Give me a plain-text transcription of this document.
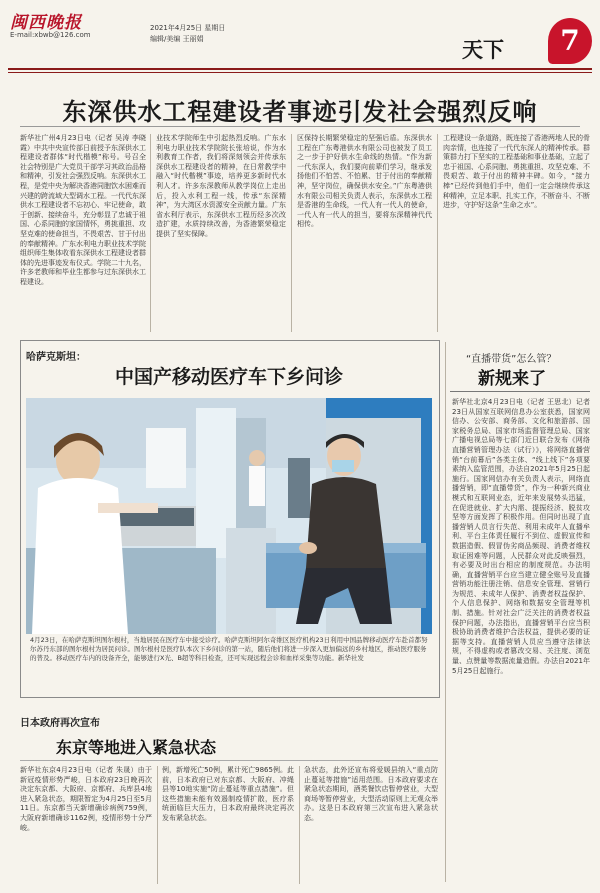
闽西晚报
E-mail:xbwb@126.com
2021年4月25日 星期日
编辑/美编 王丽娟	天下	7
东深供水工程建设者事迹引发社会强烈反响
新华社广州4月23日电（记者 吴涛 李晓霞）中共中央宣传部日前授予东深供水工程建设者群体“时代楷模”称号。号召全社会特别是广大党员干部学习其政治品格和精神，引发社会强烈反响。东深供水工程，是党中央为解决香港同胞饮水困难而兴建的跨流域大型调水工程。一代代东深供水工程建设者不忘初心、牢记使命，敢于创新、接续奋斗，充分彰显了忠诚于祖国、心系同胞的家国情怀，勇挑重担、攻坚克难的使命担当，不畏艰苦、甘于付出的奉献精神。广东水利电力职业技术学院组织师生集体收看东深供水工程建设者群体的先进事迹发布仪式。学院二十九名，许多老教师和毕业生都参与过东深供水工程建设。
业技术学院师生中引起热烈反响。广东水利电力职业技术学院院长张培说，作为水利教育工作者，我们将深刻领会并传承东深供水工程建设者的精神，在日常教学中融入“时代楷模”事迹，培养更多新时代水利人才。许多东深教师从教学岗位上走出后，投入水利工程一线，传承“东深精神”，为大湾区水资源安全贡献力量。广东省水利厅表示，东深供水工程历经多次改造扩建，水质持续改善，为香港繁荣稳定提供了坚实保障。
区保持长期繁荣稳定的坚强后盾。东深供水工程在广东粤港供水有限公司也被发了员工之一步于护好供水生命线的热情。“作为新一代东深人，我们要向前辈们学习，继承发扬他们不怕苦、不怕累、甘于付出的奉献精神，坚守岗位，确保供水安全。”广东粤港供水有限公司相关负责人表示，东深供水工程是香港的生命线，一代人有一代人的使命，一代人有一代人的担当，要将东深精神代代相传。
工程建设一条道路，既连接了香港两地人民的骨肉亲情，也连接了一代代东深人的精神传承。群策群力打下坚实的工程基础和事业基础，立起了忠于祖国、心系同胞、勇挑重担、攻坚克难、不畏艰苦、敢于付出的精神丰碑。如今，“接力棒”已经传到他们手中，他们一定会继续传承这种精神，立足本职、扎实工作，不断奋斗、不断进步，守护好这条“生命之水”。
哈萨克斯坦：
中国产移动医疗车下乡问诊
4月23日，在哈萨克斯坦图尔根村，当地居民在医疗车中接受诊疗。哈萨克斯坦阿尔奇维区医疗机构23日利用中国品牌移动医疗车赴首都努尔苏丹东部的图尔根村为居民问诊。图尔根村是医疗队本次下乡问诊的第一站，随后他们将进一步深入更加偏远的乡村地区，推动医疗服务的普及。移动医疗车内的设备齐全，能够进行X光、B超等科目检查，还可实现远程会诊和血样采集等功能。新华社发
“直播带货”怎么管？
新规来了
新华社北京4月23日电（记者 王思北）记者23日从国家互联网信息办公室获悉，国家网信办、公安部、商务部、文化和旅游部、国家税务总局、国家市场监督管理总局、国家广播电视总局等七部门近日联合发布《网络直播营销管理办法（试行）》，将网络直播营销“台前幕后”各类主体、“线上线下”各项要素纳入监管范围，办法自2021年5月25日起施行。国家网信办有关负责人表示，网络直播营销，即“直播带货”，作为一种新兴商业模式和互联网业态，近年来发展势头迅猛，在促进就业、扩大内需、提振经济、脱贫攻坚等方面发挥了积极作用。但同时出现了直播营销人员言行失范、利用未成年人直播牟利、平台主体责任履行不到位、虚假宣传和数据造假、假冒伪劣商品频现、消费者维权取证困难等问题，人民群众对此反映强烈，有必要及时出台相应的制度规范。办法明确，直播营销平台应当建立健全账号及直播营销功能注册注销、信息安全管理、营销行为规范、未成年人保护、消费者权益保护、个人信息保护、网络和数据安全管理等机制、措施。针对社会广泛关注的消费者权益保护问题，办法指出，直播营销平台应当积极协助消费者维护合法权益，提供必要的证据等支持。直播营销人员应当遵守法律法规，不得虚构或者篡改交易、关注度、浏览量、点赞量等数据流量造假。办法自2021年5月25日起施行。
日本政府再次宣布
东京等地进入紧急状态
新华社东京4月23日电（记者 朱晟）由于新冠疫情形势严峻，日本政府23日晚再次决定东京都、大阪府、京都府、兵库县4地进入紧急状态，期限暂定为4月25日至5月11日。东京都当天新增确诊病例759例，大阪府新增确诊1162例，疫情形势十分严峻。
例，新增死亡50例，累计死亡9865例。此前，日本政府已对东京都、大阪府、冲绳县等10地实施“防止蔓延等重点措施”。但这些措施未能有效遏制疫情扩散，医疗系统面临巨大压力，日本政府最终决定再次发布紧急状态。
急状态，此外还宣布将爱媛县纳入“重点防止蔓延等措施”适用范围。日本政府要求在紧急状态期间，酒类餐饮店暂停营业，大型商场等暂停营业，大型活动原则上无观众举办。这是日本政府第三次宣布进入紧急状态。
